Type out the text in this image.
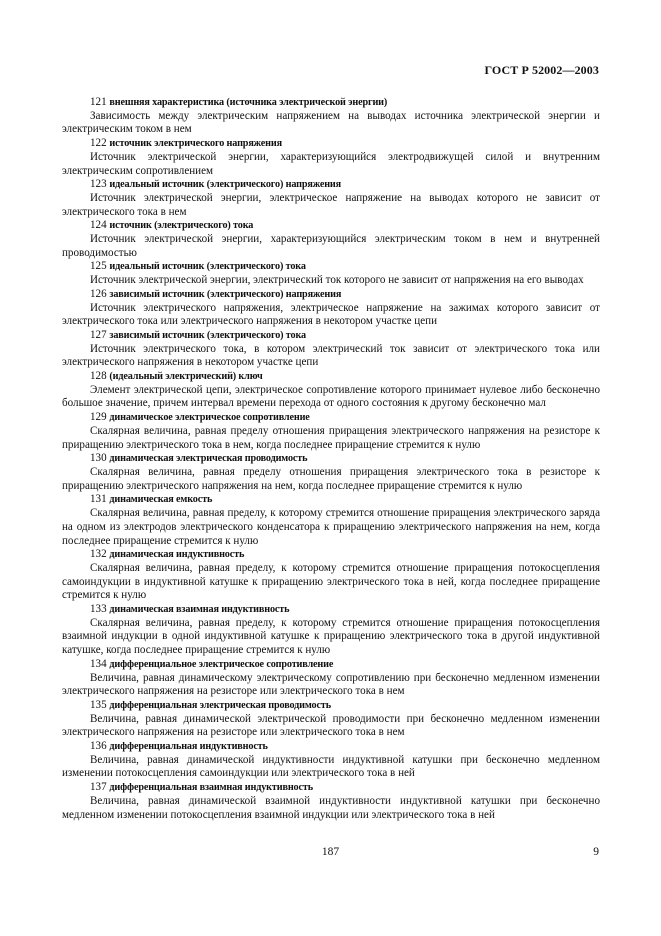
ГОСТ Р 52002—2003

121 внешняя характеристика (источника электрической энергии)

Зависимость между электрическим напряжением на выводах источника электрической энергии и электрическим током в нем

122 источник электрического напряжения

Источник электрической энергии, характеризующийся электродвижущей силой и внутренним электрическим сопротивлением

123 идеальный источник (электрического) напряжения

Источник электрической энергии, электрическое напряжение на выводах которого не зависит от электрического тока в нем

124 источник (электрического) тока

Источник электрической энергии, характеризующийся электрическим током в нем и внутренней проводимостью

125 идеальный источник (электрического) тока

Источник электрической энергии, электрический ток которого не зависит от напряжения на его выводах

126 зависимый источник (электрического) напряжения

Источник электрического напряжения, электрическое напряжение на зажимах которого зависит от электрического тока или электрического напряжения в некотором участке цепи

127 зависимый источник (электрического) тока

Источник электрического тока, в котором электрический ток зависит от электрического тока или электрического напряжения в некотором участке цепи

128 (идеальный электрический) ключ

Элемент электрической цепи, электрическое сопротивление которого принимает нулевое либо бесконечно большое значение, причем интервал времени перехода от одного состояния к другому бесконечно мал

129 динамическое электрическое сопротивление

Скалярная величина, равная пределу отношения приращения электрического напряжения на резисторе к приращению электрического тока в нем, когда последнее приращение стремится к нулю

130 динамическая электрическая проводимость

Скалярная величина, равная пределу отношения приращения электрического тока в резисторе к приращению электрического напряжения на нем, когда последнее приращение стремится к нулю

131 динамическая емкость

Скалярная величина, равная пределу, к которому стремится отношение приращения электрического заряда на одном из электродов электрического конденсатора к приращению электрического напряжения на нем, когда последнее приращение стремится к нулю

132 динамическая индуктивность

Скалярная величина, равная пределу, к которому стремится отношение приращения потокосцепления самоиндукции в индуктивной катушке к приращению электрического тока в ней, когда последнее приращение стремится к нулю

133 динамическая взаимная индуктивность

Скалярная величина, равная пределу, к которому стремится отношение приращения потокосцепления взаимной индукции в одной индуктивной катушке к приращению электрического тока в другой индуктивной катушке, когда последнее приращение стремится к нулю

134 дифференциальное электрическое сопротивление

Величина, равная динамическому электрическому сопротивлению при бесконечно медленном изменении электрического напряжения на резисторе или электрического тока в нем

135 дифференциальная электрическая проводимость

Величина, равная динамической электрической проводимости при бесконечно медленном изменении электрического напряжения на резисторе или электрического тока в нем

136 дифференциальная индуктивность

Величина, равная динамической индуктивности индуктивной катушки при бесконечно медленном изменении потокосцепления самоиндукции или электрического тока в ней

137 дифференциальная взаимная индуктивность

Величина, равная динамической взаимной индуктивности индуктивной катушки при бесконечно медленном изменении потокосцепления взаимной индукции или электрического тока в ней

187	9
